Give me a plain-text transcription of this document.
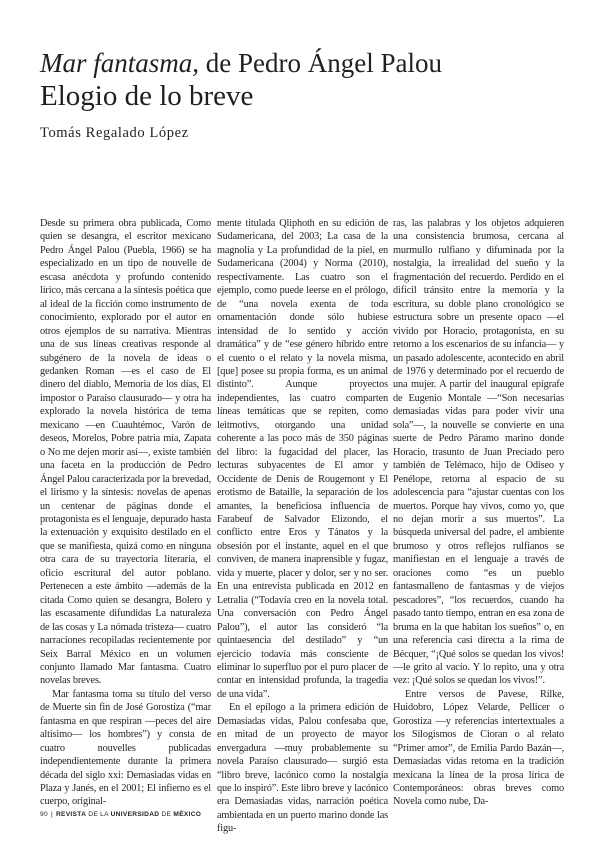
Mar fantasma, de Pedro Ángel Palou
Elogio de lo breve
Tomás Regalado López

Desde su primera obra publicada, Como quien se desangra, el escritor mexicano Pedro Ángel Palou (Puebla, 1966) se ha especializado en un tipo de nouvelle de escasa anécdota y profundo contenido lírico, más cercana a la síntesis poética que al ideal de la ficción como instrumento de conocimiento, explorado por el autor en otros ejemplos de su narrativa. Mientras una de sus líneas creativas responde al subgénero de la novela de ideas o gedanken Roman —es el caso de El dinero del diablo, Memoria de los días, El impostor o Paraíso clausurado— y otra ha explorado la novela histórica de tema mexicano —en Cuauhtémoc, Varón de deseos, Morelos, Pobre patria mía, Zapata o No me dejen morir así—, existe también una faceta en la producción de Pedro Ángel Palou caracterizada por la brevedad, el lirismo y la síntesis: novelas de apenas un centenar de páginas donde el protagonista es el lenguaje, depurado hasta la extenuación y exquisito destilado en el que se manifiesta, quizá como en ninguna otra cara de su trayectoria literaria, el oficio escritural del autor poblano. Pertenecen a este ámbito —además de la citada Como quien se desangra, Bolero y las escasamente difundidas La naturaleza de las cosas y La nómada tristeza— cuatro narraciones recopiladas recientemente por Seix Barral México en un volumen conjunto llamado Mar fantasma. Cuatro novelas breves.

Mar fantasma toma su título del verso de Muerte sin fin de José Gorostiza (“mar fantasma en que respiran —peces del aire altísimo— los hombres”) y consta de cuatro nouvelles publicadas independientemente durante la primera década del siglo xxi: Demasiadas vidas en Plaza y Janés, en el 2001; El infierno es el cuerpo, original-

mente titulada Qliphoth en su edición de Sudamericana, del 2003; La casa de la magnolia y La profundidad de la piel, en Sudamericana (2004) y Norma (2010), respectivamente. Las cuatro son el ejemplo, como puede leerse en el prólogo, de “una novela exenta de toda ornamentación donde sólo hubiese intensidad de lo sentido y acción dramática” y de “ese género híbrido entre el cuento o el relato y la novela misma, [que] posee su propia forma, es un animal distinto”. Aunque proyectos independientes, las cuatro comparten líneas temáticas que se repiten, como leitmotivs, otorgando una unidad coherente a las poco más de 350 páginas del libro: la fugacidad del placer, las lecturas subyacentes de El amor y Occidente de Denis de Rougemont y El erotismo de Bataille, la separación de los amantes, la beneficiosa influencia de Farabeuf de Salvador Elizondo, el conflicto entre Eros y Tánatos y la obsesión por el instante, aquel en el que conviven, de manera inaprensible y fugaz, vida y muerte, placer y dolor, ser y no ser. En una entrevista publicada en 2012 en Letralia (“Todavía creo en la novela total. Una conversación con Pedro Ángel Palou”), el autor las consideró “la quintaesencia del destilado” y “un ejercicio todavía más consciente de eliminar lo superfluo por el puro placer de contar en intensidad profunda, la tragedia de una vida”.

En el epílogo a la primera edición de Demasiadas vidas, Palou confesaba que, en mitad de un proyecto de mayor envergadura —muy probablemente su novela Paraíso clausurado— surgió esta “libro breve, lacónico como la nostalgia que lo inspiró”. Este libro breve y lacónico era Demasiadas vidas, narración poética ambientada en un puerto marino donde las figu-

ras, las palabras y los objetos adquieren una consistencia brumosa, cercana al murmullo rulfiano y difuminada por la nostalgia, la irrealidad del sueño y la fragmentación del recuerdo. Perdido en el difícil tránsito entre la memoria y la escritura, su doble plano cronológico se estructura sobre un presente opaco —el vivido por Horacio, protagonista, en su retorno a los escenarios de su infancia— y un pasado adolescente, acontecido en abril de 1976 y determinado por el recuerdo de una mujer. A partir del inaugural epígrafe de Eugenio Montale —“Son necesarias demasiadas vidas para poder vivir una sola”—, la nouvelle se convierte en una suerte de Pedro Páramo marino donde Horacio, trasunto de Juan Preciado pero también de Telémaco, hijo de Odiseo y Penélope, retorna al espacio de su adolescencia para “ajustar cuentas con los muertos. Porque hay vivos, como yo, que no dejan morir a sus muertos”. La búsqueda universal del padre, el ambiente brumoso y otros reflejos rulfianos se manifiestan en el lenguaje a través de oraciones como “es un pueblo fantasmalleno de fantasmas y de viejos pescadores”, “los recuerdos, cuando ha pasado tanto tiempo, entran en esa zona de bruma en la que habitan los sueños” o, en una referencia casi directa a la rima de Bécquer, “¡Qué solos se quedan los vivos! —le grito al vacío. Y lo repito, una y otra vez: ¡Qué solos se quedan los vivos!”.

Entre versos de Pavese, Rilke, Huidobro, López Velarde, Pellicer o Gorostiza —y referencias intertextuales a los Silogismos de Cioran o al relato “Primer amor”, de Emilia Pardo Bazán—, Demasiadas vidas retoma en la tradición mexicana la línea de la prosa lírica de Contemporáneos: obras breves como Novela como nube, Da-

90 | REVISTA DE LA UNIVERSIDAD DE MÉXICO
